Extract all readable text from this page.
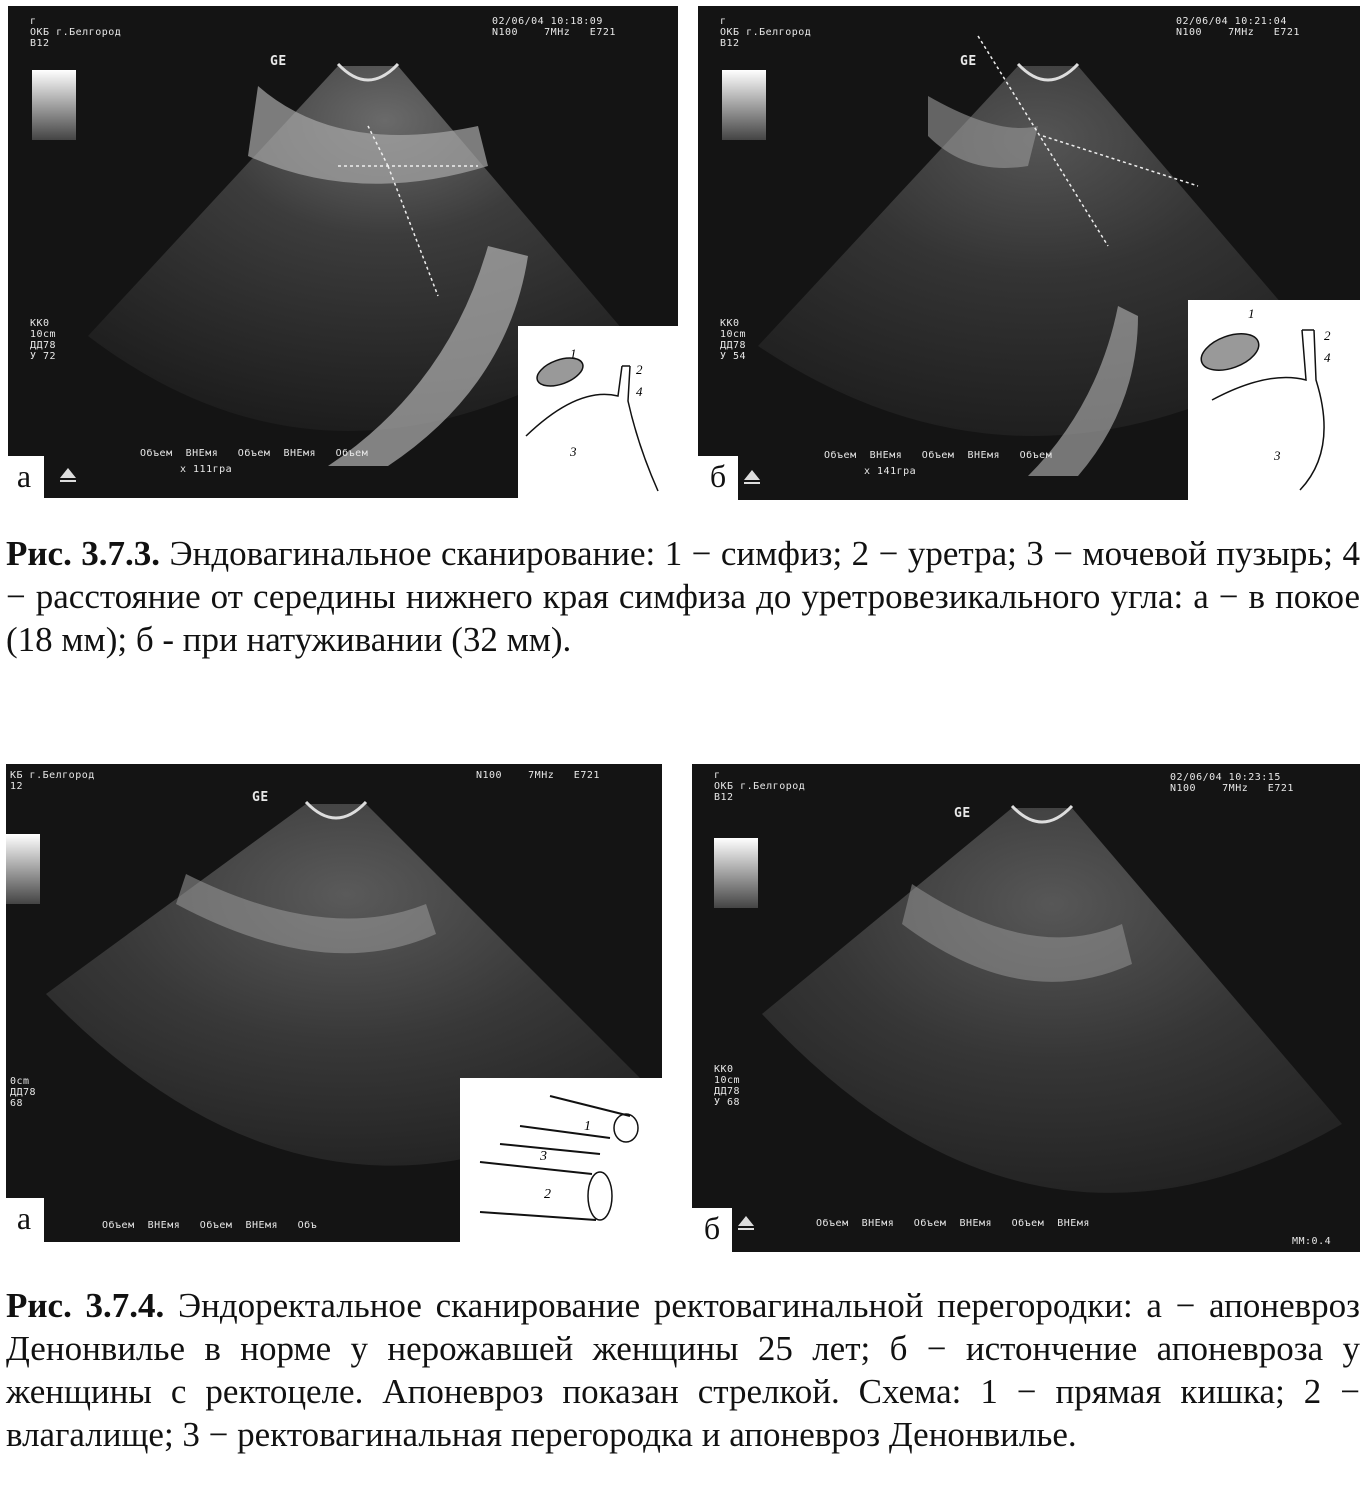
г
ОКБ г.Белгород
В12
02/06/04 10:18:09
N100    7MHz   E721
GE
KK0
10cm
ДД78
У 72
Объем  ВНЕмя   Объем  ВНЕмя   Объем
x 111гра
а
1
2
4
3
г
ОКБ г.Белгород
В12
02/06/04 10:21:04
N100    7MHz   E721
GE
KK0
10cm
ДД78
У 54
Объем  ВНЕмя   Объем  ВНЕмя   Объем
x 141гра
б
1
2
4
3

Рис. 3.7.3. Эндовагинальное сканирование: 1 − симфиз; 2 − уретра; 3 − мочевой пузырь; 4 − расстояние от середины нижнего края симфиза до уретровезикального угла: а − в покое (18 мм); б - при натуживании (32 мм).

КБ г.Белгород
12
N100    7MHz   E721
GE
0cm
ДД78
68
Объем  ВНЕмя   Объем  ВНЕмя   Объ
а
1
3
2
г
ОКБ г.Белгород
В12
02/06/04 10:23:15
N100    7MHz   E721
GE
KK0
10cm
ДД78
У 68
Объем  ВНЕмя   Объем  ВНЕмя   Объем  ВНЕмя
MM:0.4
б

Рис. 3.7.4. Эндоректальное сканирование ректовагинальной перегородки: а − апоневроз Денонвилье в норме у нерожавшей женщины 25 лет; б − истончение апоневроза у женщины с ректоцеле. Апоневроз показан стрелкой. Схема: 1 − прямая кишка; 2 − влагалище; 3 − ректовагинальная перегородка и апоневроз Денонвилье.
